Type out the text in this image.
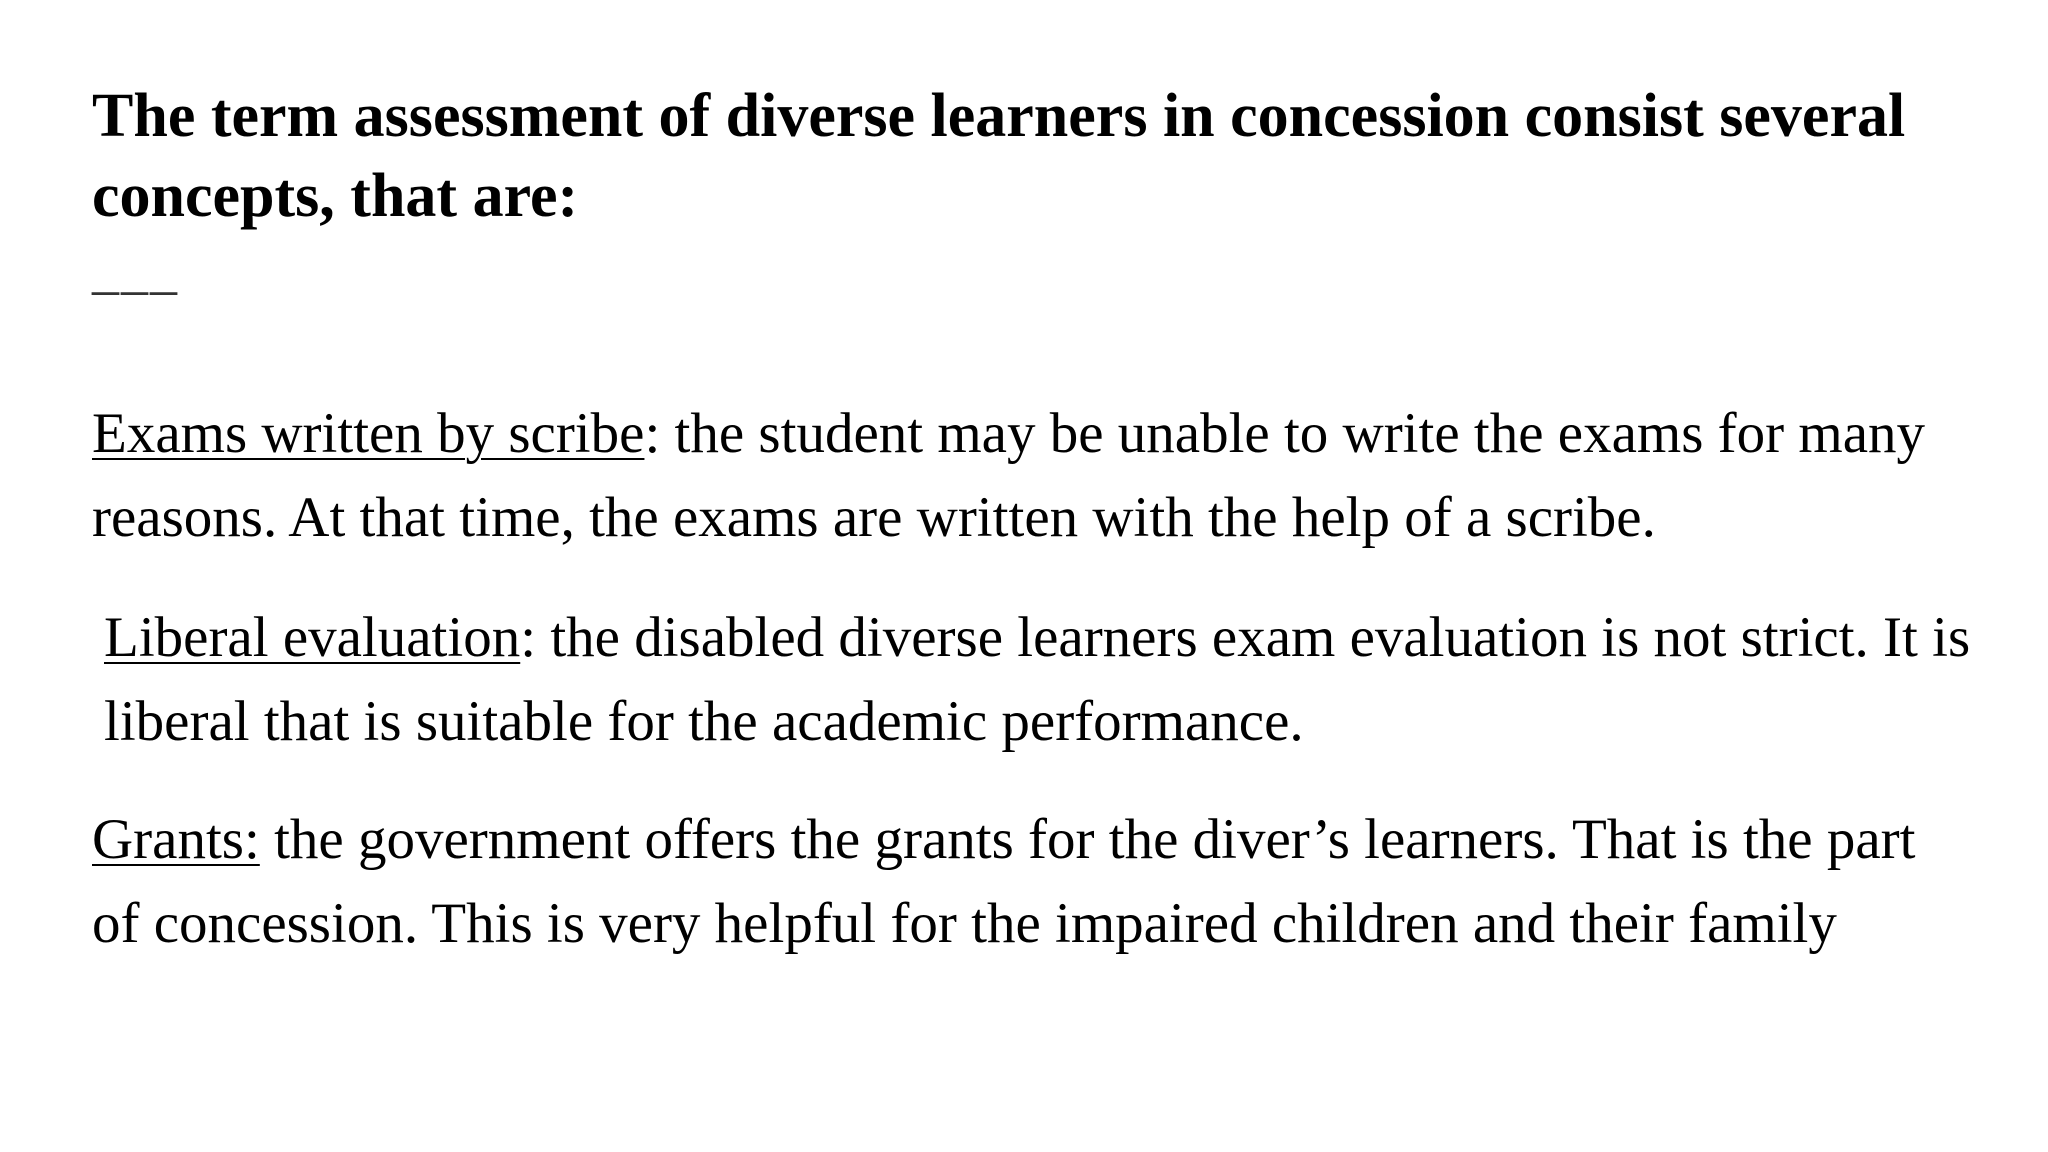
The term assessment of diverse learners in concession consist several concepts, that are:
___

Exams written by scribe: the student may be unable to write the exams for many reasons. At that time, the exams are written with the help of a scribe.

Liberal evaluation: the disabled diverse learners exam evaluation is not strict. It is liberal that is suitable for the academic performance.

Grants: the government offers the grants for the diver’s learners. That is the part of concession. This is very helpful for the impaired children and their family
